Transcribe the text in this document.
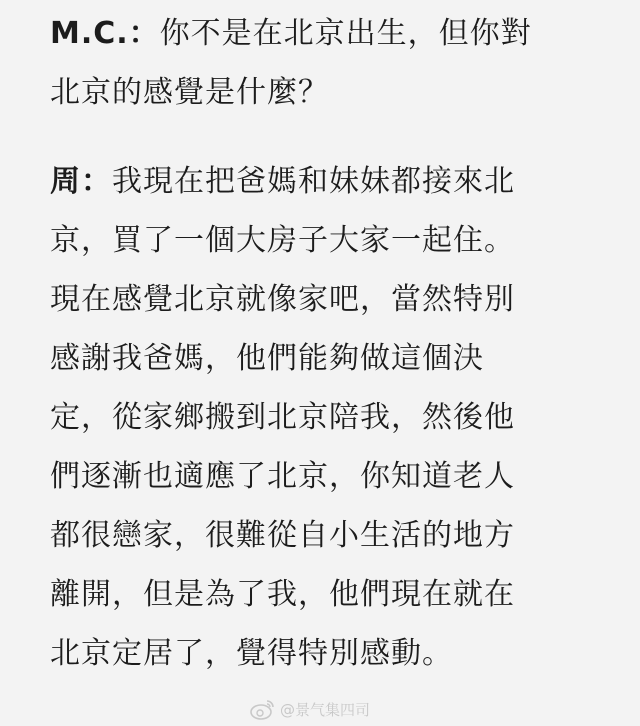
M.C.：你不是在北京出生，但你對
北京的感覺是什麼？
周：我現在把爸媽和妹妹都接來北
京，買了一個大房子大家一起住。
現在感覺北京就像家吧，當然特別
感謝我爸媽，他們能夠做這個決
定，從家鄉搬到北京陪我，然後他
們逐漸也適應了北京，你知道老人
都很戀家，很難從自小生活的地方
離開，但是為了我，他們現在就在
北京定居了，覺得特別感動。
@景气集四司
